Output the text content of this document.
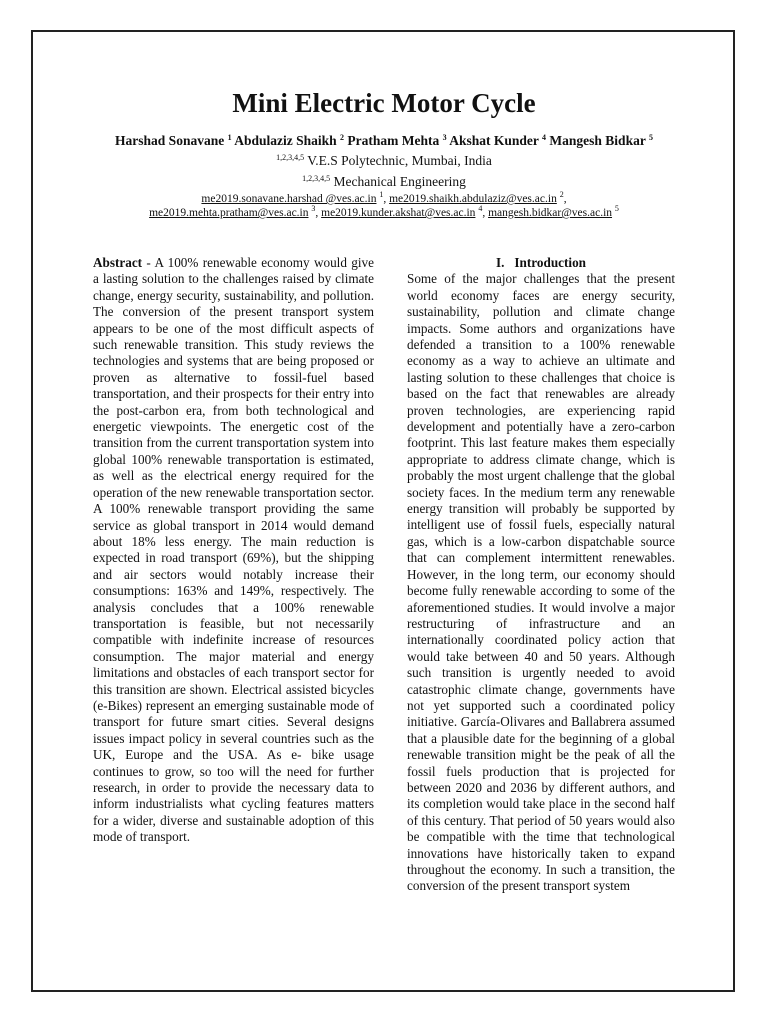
Mini Electric Motor Cycle
Harshad Sonavane $^1$ Abdulaziz Shaikh $^2$ Pratham Mehta $^3$ Akshat Kunder $^4$ Mangesh Bidkar $^5$
$^{1,2,3,4,5}$ V.E.S Polytechnic, Mumbai, India
$^{1,2,3,4,5}$ Mechanical Engineering
me2019.sonavane.harshad @ves.ac.in $^1$, me2019.shaikh.abdulaziz@ves.ac.in $^2$,
me2019.mehta.pratham@ves.ac.in $^3$, me2019.kunder.akshat@ves.ac.in $^4$, mangesh.bidkar@ves.ac.in $^5$

Abstract - A 100% renewable economy would give a lasting solution to the challenges raised by climate change, energy security, sustainability, and pollution. The conversion of the present transport system appears to be one of the most difficult aspects of such renewable transition. This study reviews the technologies and systems that are being proposed or proven as alternative to fossil-fuel based transportation, and their prospects for their entry into the post-carbon era, from both technological and energetic viewpoints. The energetic cost of the transition from the current transportation system into global 100% renewable transportation is estimated, as well as the electrical energy required for the operation of the new renewable transportation sector. A 100% renewable transport providing the same service as global transport in 2014 would demand about 18% less energy. The main reduction is expected in road transport (69%), but the shipping and air sectors would notably increase their consumptions: 163% and 149%, respectively. The analysis concludes that a 100% renewable transportation is feasible, but not necessarily compatible with indefinite increase of resources consumption. The major material and energy limitations and obstacles of each transport sector for this transition are shown. Electrical assisted bicycles (e-Bikes) represent an emerging sustainable mode of transport for future smart cities. Several designs issues impact policy in several countries such as the UK, Europe and the USA. As e- bike usage continues to grow, so too will the need for further research, in order to provide the necessary data to inform industrialists what cycling features matters for a wider, diverse and sustainable adoption of this mode of transport.

I. Introduction

Some of the major challenges that the present world economy faces are energy security, sustainability, pollution and climate change impacts. Some authors and organizations have defended a transition to a 100% renewable economy as a way to achieve an ultimate and lasting solution to these challenges that choice is based on the fact that renewables are already proven technologies, are experiencing rapid development and potentially have a zero-carbon footprint. This last feature makes them especially appropriate to address climate change, which is probably the most urgent challenge that the global society faces. In the medium term any renewable energy transition will probably be supported by intelligent use of fossil fuels, especially natural gas, which is a low-carbon dispatchable source that can complement intermittent renewables. However, in the long term, our economy should become fully renewable according to some of the aforementioned studies. It would involve a major restructuring of infrastructure and an internationally coordinated policy action that would take between 40 and 50 years. Although such transition is urgently needed to avoid catastrophic climate change, governments have not yet supported such a coordinated policy initiative. García-Olivares and Ballabrera assumed that a plausible date for the beginning of a global renewable transition might be the peak of all the fossil fuels production that is projected for between 2020 and 2036 by different authors, and its completion would take place in the second half of this century. That period of 50 years would also be compatible with the time that technological innovations have historically taken to expand throughout the economy. In such a transition, the conversion of the present transport system
